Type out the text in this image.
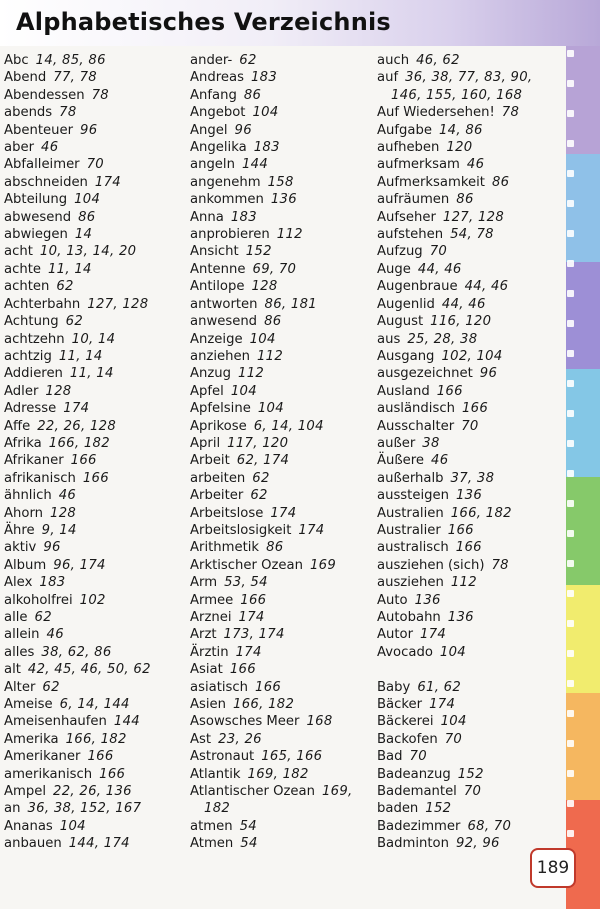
Alphabetisches Verzeichnis
Abc 14, 85, 86
Abend 77, 78
Abendessen 78
abends 78
Abenteuer 96
aber 46
Abfalleimer 70
abschneiden 174
Abteilung 104
abwesend 86
abwiegen 14
acht 10, 13, 14, 20
achte 11, 14
achten 62
Achterbahn 127, 128
Achtung 62
achtzehn 10, 14
achtzig 11, 14
Addieren 11, 14
Adler 128
Adresse 174
Affe 22, 26, 128
Afrika 166, 182
Afrikaner 166
afrikanisch 166
ähnlich 46
Ahorn 128
Ähre 9, 14
aktiv 96
Album 96, 174
Alex 183
alkoholfrei 102
alle 62
allein 46
alles 38, 62, 86
alt 42, 45, 46, 50, 62
Alter 62
Ameise 6, 14, 144
Ameisenhaufen 144
Amerika 166, 182
Amerikaner 166
amerikanisch 166
Ampel 22, 26, 136
an 36, 38, 152, 167
Ananas 104
anbauen 144, 174
ander- 62
Andreas 183
Anfang 86
Angebot 104
Angel 96
Angelika 183
angeln 144
angenehm 158
ankommen 136
Anna 183
anprobieren 112
Ansicht 152
Antenne 69, 70
Antilope 128
antworten 86, 181
anwesend 86
Anzeige 104
anziehen 112
Anzug 112
Apfel 104
Apfelsine 104
Aprikose 6, 14, 104
April 117, 120
Arbeit 62, 174
arbeiten 62
Arbeiter 62
Arbeitslose 174
Arbeitslosigkeit 174
Arithmetik 86
Arktischer Ozean 169
Arm 53, 54
Armee 166
Arznei 174
Arzt 173, 174
Ärztin 174
Asiat 166
asiatisch 166
Asien 166, 182
Asowsches Meer 168
Ast 23, 26
Astronaut 165, 166
Atlantik 169, 182
Atlantischer Ozean 169,
182
atmen 54
Atmen 54
auch 46, 62
auf 36, 38, 77, 83, 90,
146, 155, 160, 168
Auf Wiedersehen! 78
Aufgabe 14, 86
aufheben 120
aufmerksam 46
Aufmerksamkeit 86
aufräumen 86
Aufseher 127, 128
aufstehen 54, 78
Aufzug 70
Auge 44, 46
Augenbraue 44, 46
Augenlid 44, 46
August 116, 120
aus 25, 28, 38
Ausgang 102, 104
ausgezeichnet 96
Ausland 166
ausländisch 166
Ausschalter 70
außer 38
Äußere 46
außerhalb 37, 38
aussteigen 136
Australien 166, 182
Australier 166
australisch 166
ausziehen (sich) 78
ausziehen 112
Auto 136
Autobahn 136
Autor 174
Avocado 104
Baby 61, 62
Bäcker 174
Bäckerei 104
Backofen 70
Bad 70
Badeanzug 152
Bademantel 70
baden 152
Badezimmer 68, 70
Badminton 92, 96
189
